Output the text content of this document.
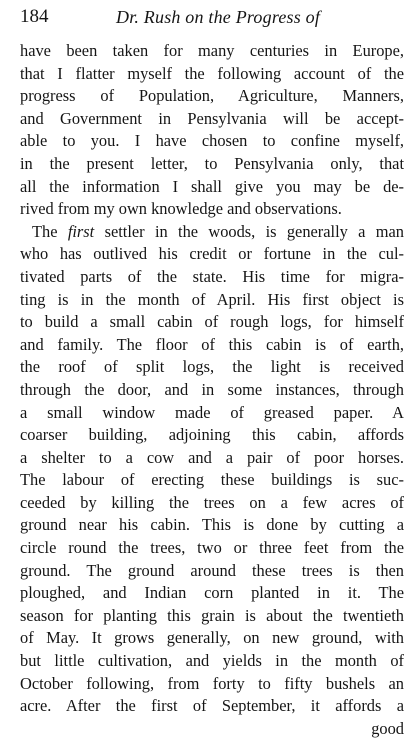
184	Dr. Rush on the Progress of
have been taken for many centuries in Europe,
that I flatter myself the following account of the
progress of Population, Agriculture, Manners,
and Government in Pensylvania will be accept-
able to you. I have chosen to confine myself,
in the present letter, to Pensylvania only, that
all the information I shall give you may be de-
rived from my own knowledge and observations.
The first settler in the woods, is generally a man
who has outlived his credit or fortune in the cul-
tivated parts of the state. His time for migra-
ting is in the month of April. His first object is
to build a small cabin of rough logs, for himself
and family. The floor of this cabin is of earth,
the roof of split logs, the light is received
through the door, and in some instances, through
a small window made of greased paper. A
coarser building, adjoining this cabin, affords
a shelter to a cow and a pair of poor horses.
The labour of erecting these buildings is suc-
ceeded by killing the trees on a few acres of
ground near his cabin. This is done by cutting a
circle round the trees, two or three feet from the
ground. The ground around these trees is then
ploughed, and Indian corn planted in it. The
season for planting this grain is about the twentieth
of May. It grows generally, on new ground, with
but little cultivation, and yields in the month of
October following, from forty to fifty bushels an
acre. After the first of September, it affords a
good
